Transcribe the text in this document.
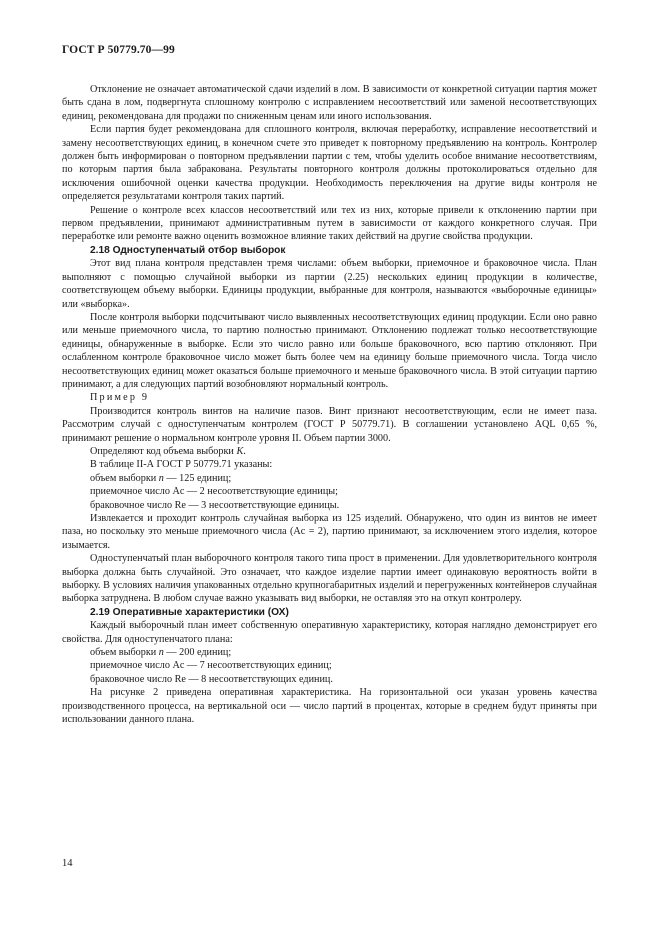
ГОСТ Р 50779.70—99

Отклонение не означает автоматической сдачи изделий в лом. В зависимости от конкретной ситуации партия может быть сдана в лом, подвергнута сплошному контролю с исправлением несоответствий или заменой несоответствующих единиц, рекомендована для продажи по сниженным ценам или иного использования.

Если партия будет рекомендована для сплошного контроля, включая переработку, исправление несоответствий и замену несоответствующих единиц, в конечном счете это приведет к повторному предъявлению на контроль. Контролер должен быть информирован о повторном предъявлении партии с тем, чтобы уделить особое внимание несоответствиям, по которым партия была забракована. Результаты повторного контроля должны протоколироваться отдельно для исключения ошибочной оценки качества продукции. Необходимость переключения на другие виды контроля не определяется результатами контроля таких партий.

Решение о контроле всех классов несоответствий или тех из них, которые привели к отклонению партии при первом предъявлении, принимают административным путем в зависимости от каждого конкретного случая. При переработке или ремонте важно оценить возможное влияние таких действий на другие свойства продукции.

2.18 Одноступенчатый отбор выборок

Этот вид плана контроля представлен тремя числами: объем выборки, приемочное и браковочное числа. План выполняют с помощью случайной выборки из партии (2.25) нескольких единиц продукции в количестве, соответствующем объему выборки. Единицы продукции, выбранные для контроля, называются «выборочные единицы» или «выборка».

После контроля выборки подсчитывают число выявленных несоответствующих единиц продукции. Если оно равно или меньше приемочного числа, то партию полностью принимают. Отклонению подлежат только несоответствующие единицы, обнаруженные в выборке. Если это число равно или больше браковочного, всю партию отклоняют. При ослабленном контроле браковочное число может быть более чем на единицу больше приемочного числа. Тогда число несоответствующих единиц может оказаться больше приемочного и меньше браковочного числа. В этой ситуации партию принимают, а для следующих партий возобновляют нормальный контроль.

Пример 9

Производится контроль винтов на наличие пазов. Винт признают несоответствующим, если не имеет паза. Рассмотрим случай с одноступенчатым контролем (ГОСТ Р 50779.71). В соглашении установлено AQL 0,65 %, принимают решение о нормальном контроле уровня II. Объем партии 3000.

Определяют код объема выборки K.

В таблице II-А ГОСТ Р 50779.71 указаны:

объем выборки n — 125 единиц;

приемочное число Ac — 2 несоответствующие единицы;

браковочное число Re — 3 несоответствующие единицы.

Извлекается и проходит контроль случайная выборка из 125 изделий. Обнаружено, что один из винтов не имеет паза, но поскольку это меньше приемочного числа (Ac = 2), партию принимают, за исключением этого изделия, которое изымается.

Одноступенчатый план выборочного контроля такого типа прост в применении. Для удовлетворительного контроля выборка должна быть случайной. Это означает, что каждое изделие партии имеет одинаковую вероятность войти в выборку. В условиях наличия упакованных отдельно крупногабаритных изделий и перегруженных контейнеров случайная выборка затруднена. В любом случае важно указывать вид выборки, не оставляя это на откуп контролеру.

2.19 Оперативные характеристики (ОХ)

Каждый выборочный план имеет собственную оперативную характеристику, которая наглядно демонстрирует его свойства. Для одноступенчатого плана:

объем выборки n — 200 единиц;

приемочное число Ac — 7 несоответствующих единиц;

браковочное число Re — 8 несоответствующих единиц.

На рисунке 2 приведена оперативная характеристика. На горизонтальной оси указан уровень качества производственного процесса, на вертикальной оси — число партий в процентах, которые в среднем будут приняты при использовании данного плана.

14
